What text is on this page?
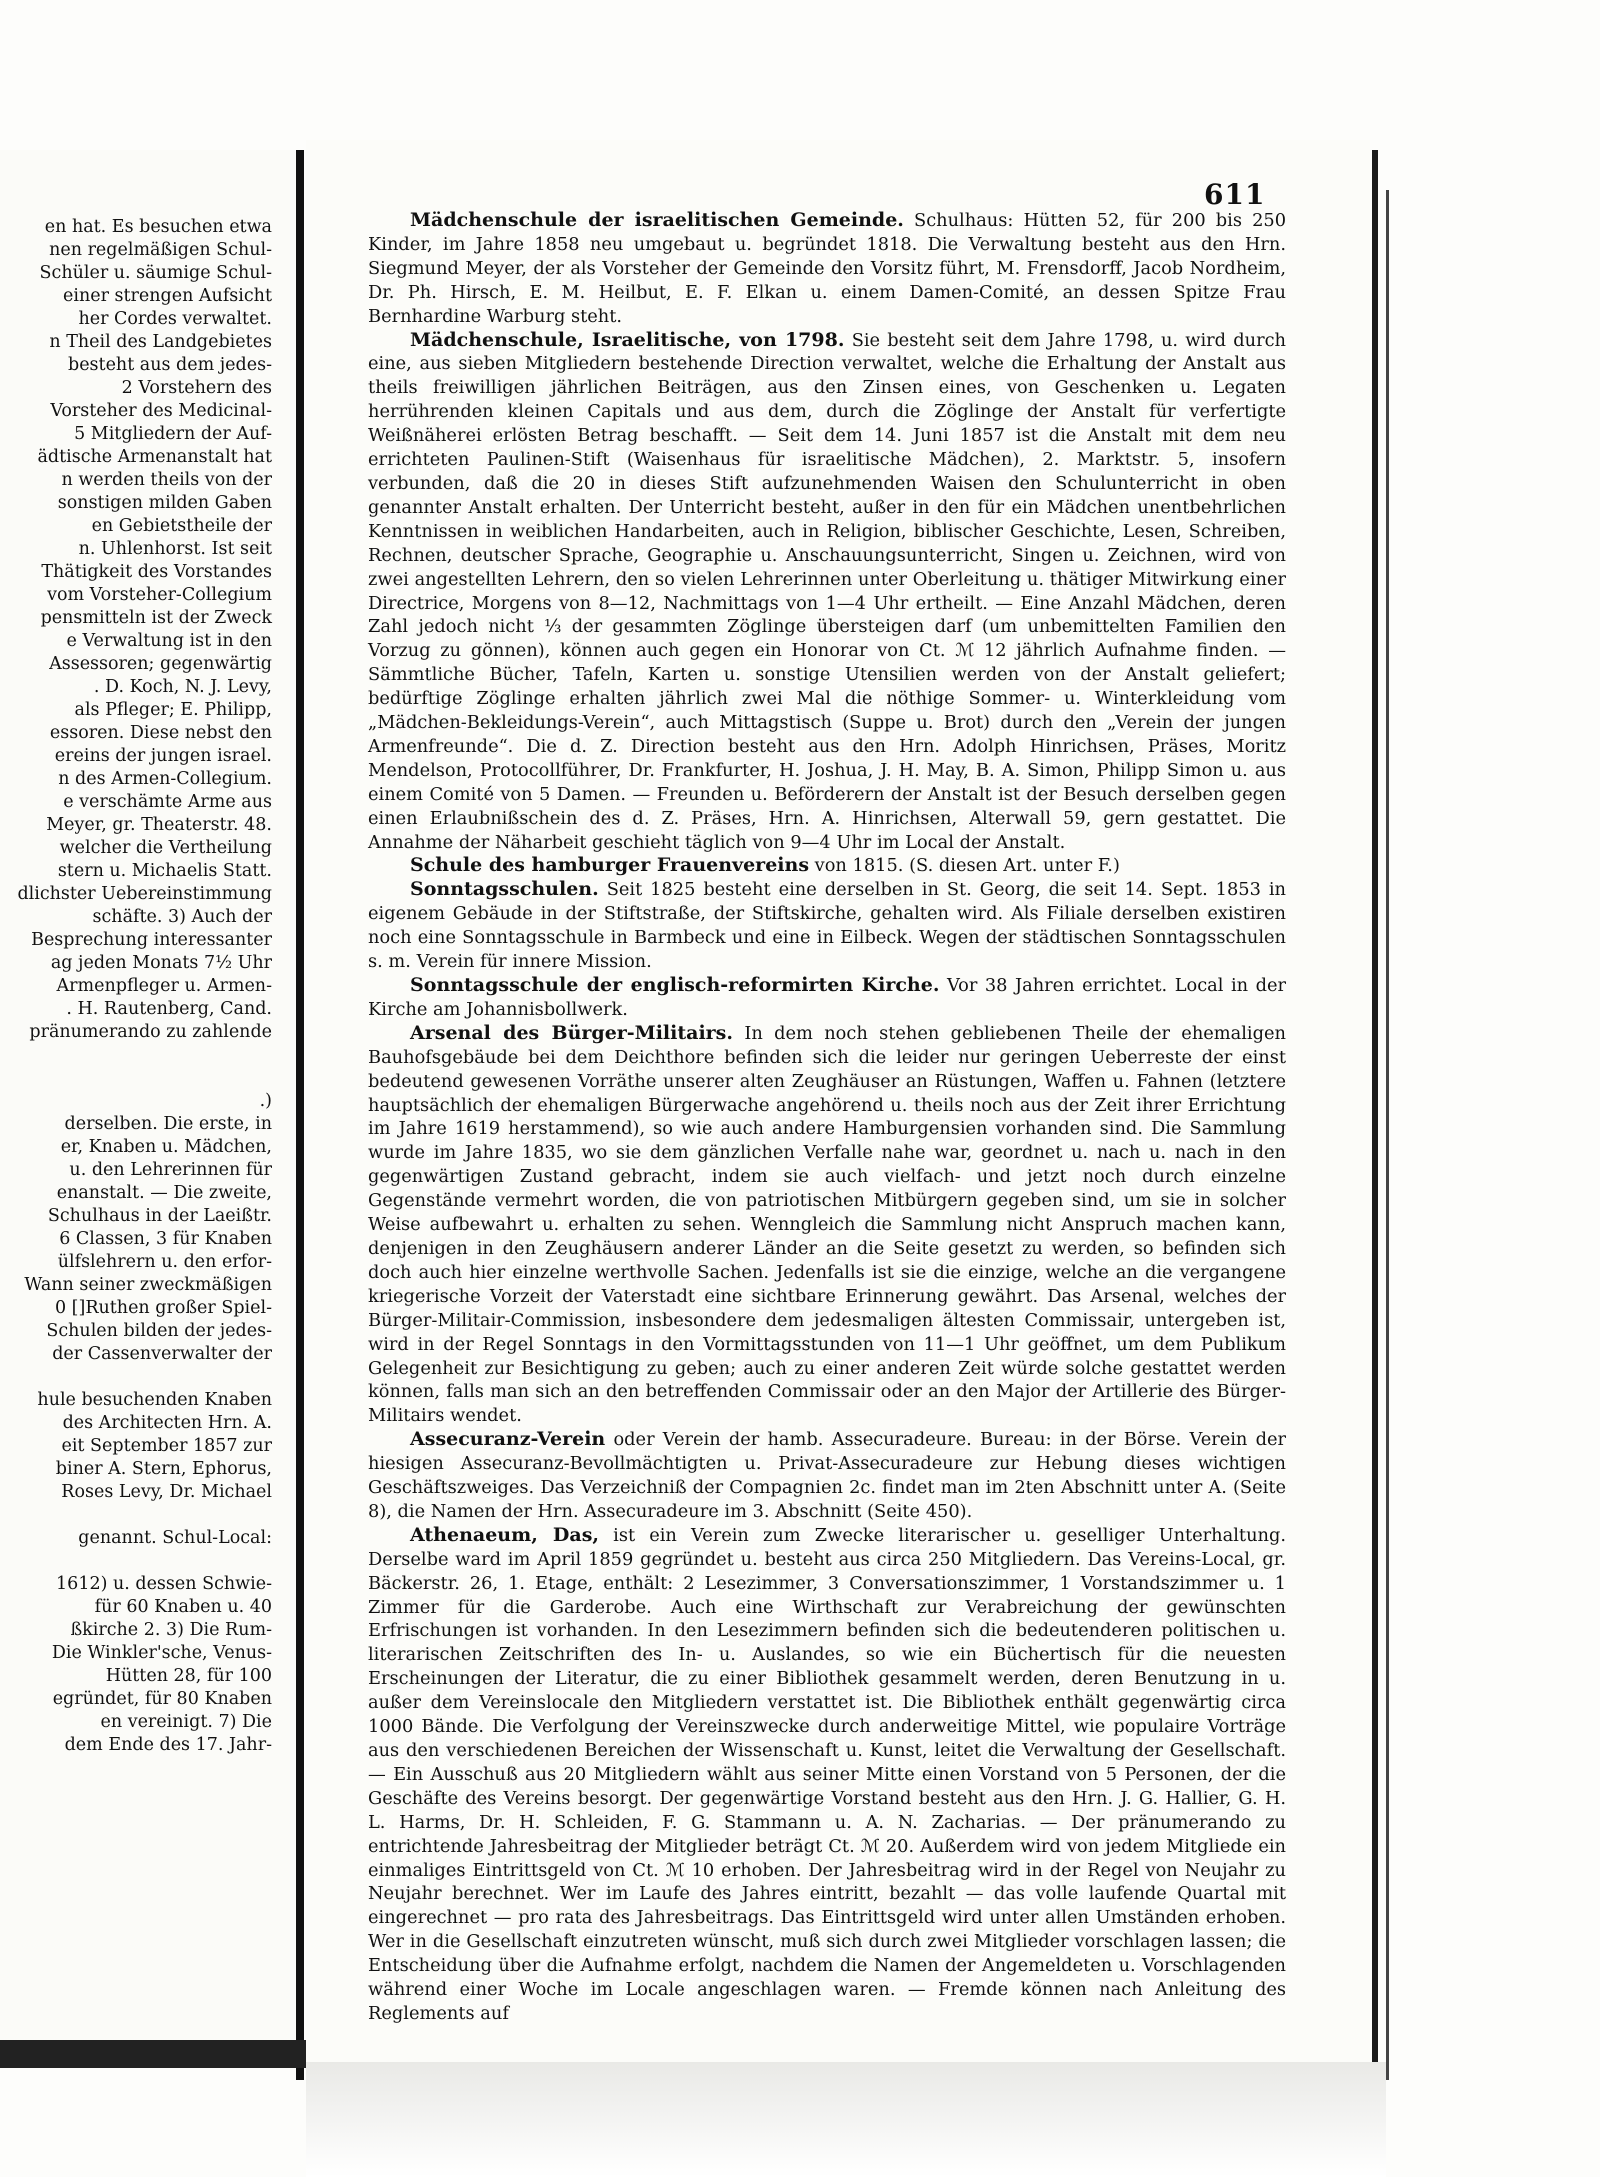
en hat. Es besuchen etwa
nen regelmäßigen Schul-
Schüler u. säumige Schul-
einer strengen Aufsicht
her Cordes verwaltet.
n Theil des Landgebietes
besteht aus dem jedes-
2 Vorstehern des
Vorsteher des Medicinal-
5 Mitgliedern der Auf-
ädtische Armenanstalt hat
n werden theils von der
sonstigen milden Gaben
en Gebietstheile der
n. Uhlenhorst. Ist seit
Thätigkeit des Vorstandes
vom Vorsteher-Collegium
pensmitteln ist der Zweck
e Verwaltung ist in den
Assessoren; gegenwärtig
. D. Koch, N. J. Levy,
als Pfleger; E. Philipp,
essoren. Diese nebst den
ereins der jungen israel.
n des Armen-Collegium.
e verschämte Arme aus
Meyer, gr. Theaterstr. 48.
welcher die Vertheilung
stern u. Michaelis Statt.
dlichster Uebereinstimmung
schäfte. 3) Auch der
Besprechung interessanter
ag jeden Monats 7½ Uhr
Armenpfleger u. Armen-
. H. Rautenberg, Cand.
pränumerando zu zahlende

.)
derselben. Die erste, in
er, Knaben u. Mädchen,
u. den Lehrerinnen für
enanstalt. — Die zweite,
Schulhaus in der Laeißtr.
6 Classen, 3 für Knaben
ülfslehrern u. den erfor-
Wann seiner zweckmäßigen
0 []Ruthen großer Spiel-
Schulen bilden der jedes-
der Cassenverwalter der

hule besuchenden Knaben
des Architecten Hrn. A.
eit September 1857 zur
biner A. Stern, Ephorus,
Roses Levy, Dr. Michael

genannt. Schul-Local:

1612) u. dessen Schwie-
für 60 Knaben u. 40
ßkirche 2. 3) Die Rum-
Die Winkler'sche, Venus-
Hütten 28, für 100
egründet, für 80 Knaben
en vereinigt. 7) Die
dem Ende des 17. Jahr-
611

Mädchenschule der israelitischen Gemeinde. Schulhaus: Hütten 52, für 200 bis 250 Kinder, im Jahre 1858 neu umgebaut u. begründet 1818. Die Verwaltung besteht aus den Hrn. Siegmund Meyer, der als Vorsteher der Gemeinde den Vorsitz führt, M. Frensdorff, Jacob Nordheim, Dr. Ph. Hirsch, E. M. Heilbut, E. F. Elkan u. einem Damen-Comité, an dessen Spitze Frau Bernhardine Warburg steht.

Mädchenschule, Israelitische, von 1798. Sie besteht seit dem Jahre 1798, u. wird durch eine, aus sieben Mitgliedern bestehende Direction verwaltet, welche die Erhaltung der Anstalt aus theils freiwilligen jährlichen Beiträgen, aus den Zinsen eines, von Geschenken u. Legaten herrührenden kleinen Capitals und aus dem, durch die Zöglinge der Anstalt für verfertigte Weißnäherei erlösten Betrag beschafft. — Seit dem 14. Juni 1857 ist die Anstalt mit dem neu errichteten Paulinen-Stift (Waisenhaus für israelitische Mädchen), 2. Marktstr. 5, insofern verbunden, daß die 20 in dieses Stift aufzunehmenden Waisen den Schulunterricht in oben genannter Anstalt erhalten. Der Unterricht besteht, außer in den für ein Mädchen unentbehrlichen Kenntnissen in weiblichen Handarbeiten, auch in Religion, biblischer Geschichte, Lesen, Schreiben, Rechnen, deutscher Sprache, Geographie u. Anschauungsunterricht, Singen u. Zeichnen, wird von zwei angestellten Lehrern, den so vielen Lehrerinnen unter Oberleitung u. thätiger Mitwirkung einer Directrice, Morgens von 8—12, Nachmittags von 1—4 Uhr ertheilt. — Eine Anzahl Mädchen, deren Zahl jedoch nicht ⅓ der gesammten Zöglinge übersteigen darf (um unbemittelten Familien den Vorzug zu gönnen), können auch gegen ein Honorar von Ct. ℳ 12 jährlich Aufnahme finden. — Sämmtliche Bücher, Tafeln, Karten u. sonstige Utensilien werden von der Anstalt geliefert; bedürftige Zöglinge erhalten jährlich zwei Mal die nöthige Sommer- u. Winterkleidung vom „Mädchen-Bekleidungs-Verein“, auch Mittagstisch (Suppe u. Brot) durch den „Verein der jungen Armenfreunde“. Die d. Z. Direction besteht aus den Hrn. Adolph Hinrichsen, Präses, Moritz Mendelson, Protocollführer, Dr. Frankfurter, H. Joshua, J. H. May, B. A. Simon, Philipp Simon u. aus einem Comité von 5 Damen. — Freunden u. Beförderern der Anstalt ist der Besuch derselben gegen einen Erlaubnißschein des d. Z. Präses, Hrn. A. Hinrichsen, Alterwall 59, gern gestattet. Die Annahme der Näharbeit geschieht täglich von 9—4 Uhr im Local der Anstalt.

Schule des hamburger Frauenvereins von 1815. (S. diesen Art. unter F.)

Sonntagsschulen. Seit 1825 besteht eine derselben in St. Georg, die seit 14. Sept. 1853 in eigenem Gebäude in der Stiftstraße, der Stiftskirche, gehalten wird. Als Filiale derselben existiren noch eine Sonntagsschule in Barmbeck und eine in Eilbeck. Wegen der städtischen Sonntagsschulen s. m. Verein für innere Mission.

Sonntagsschule der englisch-reformirten Kirche. Vor 38 Jahren errichtet. Local in der Kirche am Johannisbollwerk.

Arsenal des Bürger-Militairs. In dem noch stehen gebliebenen Theile der ehemaligen Bauhofsgebäude bei dem Deichthore befinden sich die leider nur geringen Ueberreste der einst bedeutend gewesenen Vorräthe unserer alten Zeughäuser an Rüstungen, Waffen u. Fahnen (letztere hauptsächlich der ehemaligen Bürgerwache angehörend u. theils noch aus der Zeit ihrer Errichtung im Jahre 1619 herstammend), so wie auch andere Hamburgensien vorhanden sind. Die Sammlung wurde im Jahre 1835, wo sie dem gänzlichen Verfalle nahe war, geordnet u. nach u. nach in den gegenwärtigen Zustand gebracht, indem sie auch vielfach- und jetzt noch durch einzelne Gegenstände vermehrt worden, die von patriotischen Mitbürgern gegeben sind, um sie in solcher Weise aufbewahrt u. erhalten zu sehen. Wenngleich die Sammlung nicht Anspruch machen kann, denjenigen in den Zeughäusern anderer Länder an die Seite gesetzt zu werden, so befinden sich doch auch hier einzelne werthvolle Sachen. Jedenfalls ist sie die einzige, welche an die vergangene kriegerische Vorzeit der Vaterstadt eine sichtbare Erinnerung gewährt. Das Arsenal, welches der Bürger-Militair-Commission, insbesondere dem jedesmaligen ältesten Commissair, untergeben ist, wird in der Regel Sonntags in den Vormittagsstunden von 11—1 Uhr geöffnet, um dem Publikum Gelegenheit zur Besichtigung zu geben; auch zu einer anderen Zeit würde solche gestattet werden können, falls man sich an den betreffenden Commissair oder an den Major der Artillerie des Bürger-Militairs wendet.

Assecuranz-Verein oder Verein der hamb. Assecuradeure. Bureau: in der Börse. Verein der hiesigen Assecuranz-Bevollmächtigten u. Privat-Assecuradeure zur Hebung dieses wichtigen Geschäftszweiges. Das Verzeichniß der Compagnien 2c. findet man im 2ten Abschnitt unter A. (Seite 8), die Namen der Hrn. Assecuradeure im 3. Abschnitt (Seite 450).

Athenaeum, Das, ist ein Verein zum Zwecke literarischer u. geselliger Unterhaltung. Derselbe ward im April 1859 gegründet u. besteht aus circa 250 Mitgliedern. Das Vereins-Local, gr. Bäckerstr. 26, 1. Etage, enthält: 2 Lesezimmer, 3 Conversationszimmer, 1 Vorstandszimmer u. 1 Zimmer für die Garderobe. Auch eine Wirthschaft zur Verabreichung der gewünschten Erfrischungen ist vorhanden. In den Lesezimmern befinden sich die bedeutenderen politischen u. literarischen Zeitschriften des In- u. Auslandes, so wie ein Büchertisch für die neuesten Erscheinungen der Literatur, die zu einer Bibliothek gesammelt werden, deren Benutzung in u. außer dem Vereinslocale den Mitgliedern verstattet ist. Die Bibliothek enthält gegenwärtig circa 1000 Bände. Die Verfolgung der Vereinszwecke durch anderweitige Mittel, wie populaire Vorträge aus den verschiedenen Bereichen der Wissenschaft u. Kunst, leitet die Verwaltung der Gesellschaft. — Ein Ausschuß aus 20 Mitgliedern wählt aus seiner Mitte einen Vorstand von 5 Personen, der die Geschäfte des Vereins besorgt. Der gegenwärtige Vorstand besteht aus den Hrn. J. G. Hallier, G. H. L. Harms, Dr. H. Schleiden, F. G. Stammann u. A. N. Zacharias. — Der pränumerando zu entrichtende Jahresbeitrag der Mitglieder beträgt Ct. ℳ 20. Außerdem wird von jedem Mitgliede ein einmaliges Eintrittsgeld von Ct. ℳ 10 erhoben. Der Jahresbeitrag wird in der Regel von Neujahr zu Neujahr berechnet. Wer im Laufe des Jahres eintritt, bezahlt — das volle laufende Quartal mit eingerechnet — pro rata des Jahresbeitrags. Das Eintrittsgeld wird unter allen Umständen erhoben. Wer in die Gesellschaft einzutreten wünscht, muß sich durch zwei Mitglieder vorschlagen lassen; die Entscheidung über die Aufnahme erfolgt, nachdem die Namen der Angemeldeten u. Vorschlagenden während einer Woche im Locale angeschlagen waren. — Fremde können nach Anleitung des Reglements auf
